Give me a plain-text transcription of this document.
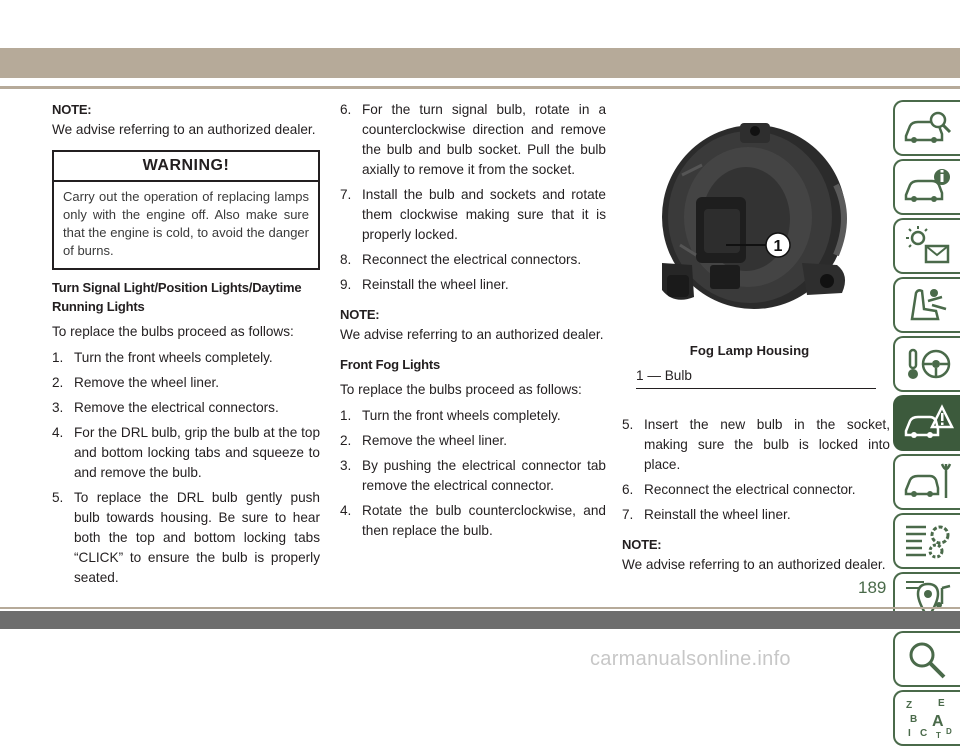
NOTE:

We advise referring to an authorized dealer.

WARNING!
Carry out the operation of replacing lamps only with the engine off. Also make sure that the engine is cold, to avoid the danger of burns.
Turn Signal Light/Position Lights/Daytime Running Lights

To replace the bulbs proceed as follows:

1. Turn the front wheels completely.
2. Remove the wheel liner.
3. Remove the electrical connectors.
4. For the DRL bulb, grip the bulb at the top and bottom locking tabs and squeeze to and remove the bulb.
5. To replace the DRL bulb gently push bulb towards housing. Be sure to hear both the top and bottom locking tabs “CLICK” to ensure the bulb is properly seated.
6. For the turn signal bulb, rotate in a counterclockwise direction and remove the bulb and bulb socket. Pull the bulb axially to remove it from the socket.
7. Install the bulb and sockets and rotate them clockwise making sure that it is properly locked.
8. Reconnect the electrical connectors.
9. Reinstall the wheel liner.
NOTE:

We advise referring to an authorized dealer.

Front Fog Lights

To replace the bulbs proceed as follows:

1. Turn the front wheels completely.
2. Remove the wheel liner.
3. By pushing the electrical connector tab remove the electrical connector.
4. Rotate the bulb counterclockwise, and then replace the bulb.
1
Fog Lamp Housing
1 — Bulb
5. Insert the new bulb in the socket, making sure the bulb is locked into place.
6. Reconnect the electrical connector.
7. Reinstall the wheel liner.
NOTE:

We advise referring to an authorized dealer.

Z	E
B A
C T D
I
189
carmanualsonline.info
